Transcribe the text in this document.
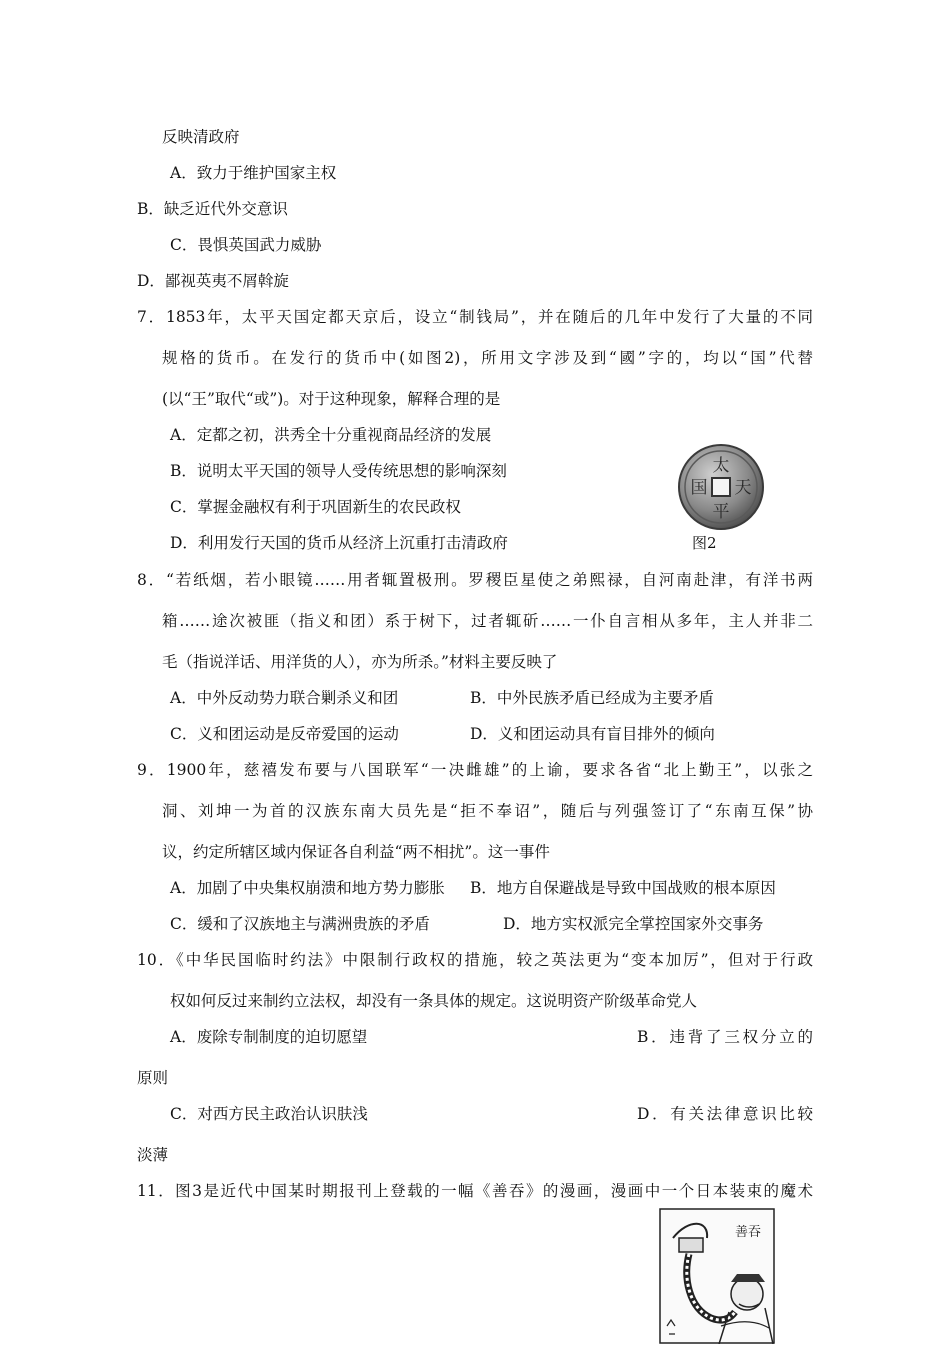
反映清政府
A．致力于维护国家主权
B．缺乏近代外交意识
C．畏惧英国武力威胁
D．鄙视英夷不屑斡旋
7．1853年，太平天国定都天京后，设立“制钱局”，并在随后的几年中发行了大量的不同
规格的货币。在发行的货币中(如图2)，所用文字涉及到“國”字的，均以“国”代替
(以“王”取代“或”)。对于这种现象，解释合理的是
A．定都之初，洪秀全十分重视商品经济的发展
B．说明太平天国的领导人受传统思想的影响深刻
C．掌握金融权有利于巩固新生的农民政权
D．利用发行天国的货币从经济上沉重打击清政府
太
天
平
国
图2
8．“若纸烟，若小眼镜……用者辄置极刑。罗稷臣星使之弟熙禄，自河南赴津，有洋书两
箱……途次被匪（指义和团）系于树下，过者辄斫……一仆自言相从多年，主人并非二
毛（指说洋话、用洋货的人），亦为所杀。”材料主要反映了
A．中外反动势力联合剿杀义和团	B．中外民族矛盾已经成为主要矛盾
C．义和团运动是反帝爱国的运动	D．义和团运动具有盲目排外的倾向
9．1900年，慈禧发布要与八国联军“一决雌雄”的上谕，要求各省“北上勤王”，以张之
洞、刘坤一为首的汉族东南大员先是“拒不奉诏”，随后与列强签订了“东南互保”协
议，约定所辖区域内保证各自利益“两不相扰”。这一事件
A．加剧了中央集权崩溃和地方势力膨胀 B．地方自保避战是导致中国战败的根本原因
C．缓和了汉族地主与满洲贵族的矛盾	D．地方实权派完全掌控国家外交事务
10．《中华民国临时约法》中限制行政权的措施，较之英法更为“变本加厉”，但对于行政
权如何反过来制约立法权，却没有一条具体的规定。这说明资产阶级革命党人
A．废除专制制度的迫切愿望	B．违背了三权分立的
原则
C．对西方民主政治认识肤浅	D．有关法律意识比较
淡薄
11．图3是近代中国某时期报刊上登载的一幅《善吞》的漫画，漫画中一个日本装束的魔术
善吞
